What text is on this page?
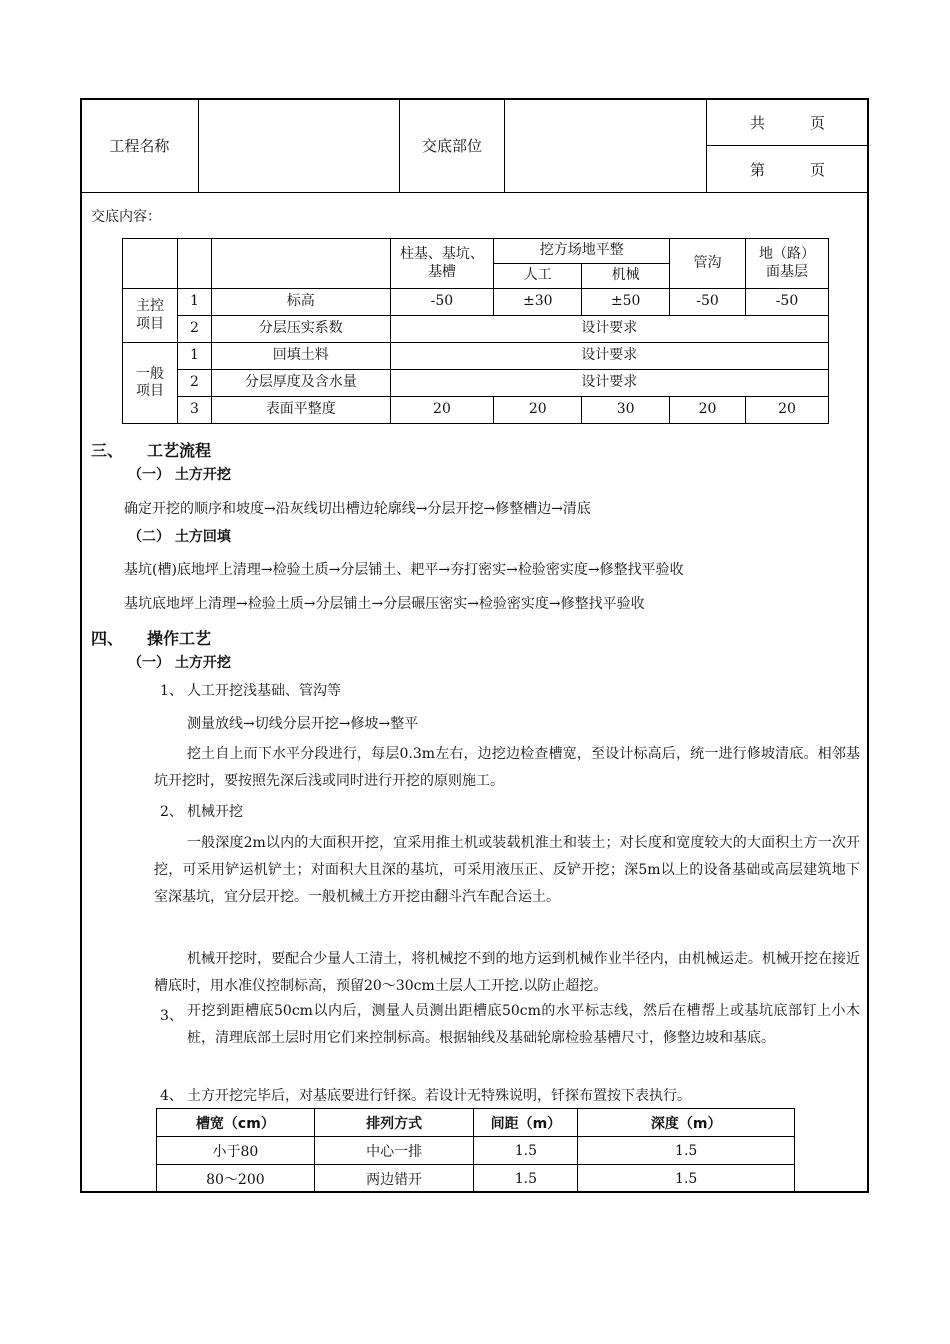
工程名称		交底部位		共　　　页
第　　　页
交底内容：
			柱基、基坑、基槽	挖方场地平整		管沟	地（路）面基层
				人工	机械		
主控项目	1	标高	-50	±30	±50	-50	-50
	2	分层压实系数	设计要求				
一般项目	1	回填土料	设计要求				
	2	分层厚度及含水量	设计要求				
	3	表面平整度	20	20	30	20	20
三、 工艺流程
（一） 土方开挖
确定开挖的顺序和坡度→沿灰线切出槽边轮廓线→分层开挖→修整槽边→清底
（二） 土方回填
基坑(槽)底地坪上清理→检验土质→分层铺土、耙平→夯打密实→检验密实度→修整找平验收
基坑底地坪上清理→检验土质→分层铺土→分层碾压密实→检验密实度→修整找平验收
四、 操作工艺
（一） 土方开挖
1、 人工开挖浅基础、管沟等
测量放线→切线分层开挖→修坡→整平
挖土自上而下水平分段进行，每层0.3m左右，边挖边检查槽宽，至设计标高后，统一进行修坡清底。相邻基坑开挖时，要按照先深后浅或同时进行开挖的原则施工。
2、 机械开挖
一般深度2m以内的大面积开挖，宜采用推土机或装载机淮土和装土；对长度和宽度较大的大面积土方一次开挖，可采用铲运机铲土；对面积大且深的基坑，可采用液压正、反铲开挖；深5m以上的设备基础或高层建筑地下室深基坑，宜分层开挖。一般机械土方开挖由翻斗汽车配合运土。
机械开挖时，要配合少量人工清土，将机械挖不到的地方运到机械作业半径内，由机械运走。机械开挖在接近槽底时，用水准仪控制标高，预留20～30cm土层人工开挖.以防止超挖。
3、 开挖到距槽底50cm以内后，测量人员测出距槽底50cm的水平标志线，然后在槽帮上或基坑底部钉上小木桩，清理底部土层时用它们来控制标高。根据轴线及基础轮廓检验基槽尺寸，修整边坡和基底。
4、 土方开挖完毕后，对基底要进行钎探。若设计无特殊说明，钎探布置按下表执行。
槽宽（cm）	排列方式	间距（m）	深度（m）
小于80	中心一排	1.5	1.5
80～200	两边错开	1.5	1.5
